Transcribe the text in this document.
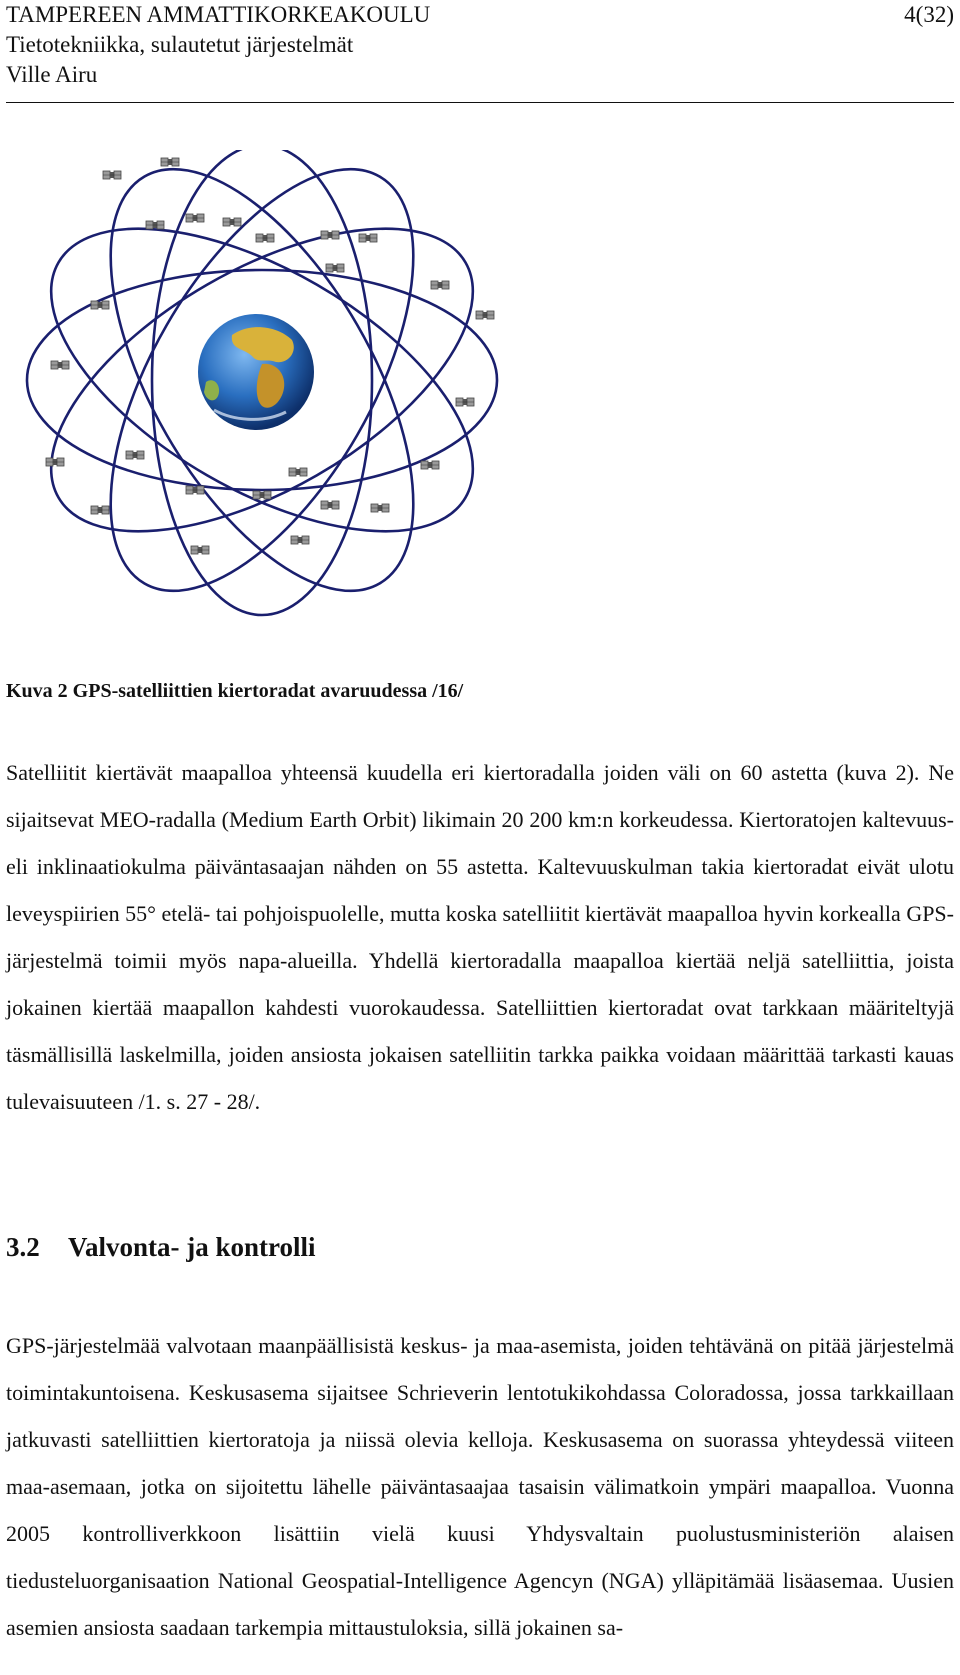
TAMPEREEN AMMATTIKORKEAKOULU
Tietotekniikka, sulautetut järjestelmät
Ville Airu
4(32)
Kuva 2 GPS-satelliittien kiertoradat avaruudessa /16/

Satelliitit kiertävät maapalloa yhteensä kuudella eri kiertoradalla joiden väli on 60 astetta (kuva 2). Ne sijaitsevat MEO-radalla (Medium Earth Orbit) likimain 20 200 km:n korkeudessa. Kiertoratojen kaltevuus- eli inklinaatiokulma päiväntasaajan nähden on 55 astetta. Kaltevuuskulman takia kiertoradat eivät ulotu leveyspiirien 55° etelä- tai pohjoispuolelle, mutta koska satelliitit kiertävät maapalloa hyvin korkealla GPS-järjestelmä toimii myös napa-alueilla. Yhdellä kiertoradalla maapalloa kiertää neljä satelliittia, joista jokainen kiertää maapallon kahdesti vuorokaudessa. Satelliittien kiertoradat ovat tarkkaan määriteltyjä täsmällisillä laskelmilla, joiden ansiosta jokaisen satelliitin tarkka paikka voidaan määrittää tarkasti kauas tulevaisuuteen /1. s. 27 - 28/.

3.2 Valvonta- ja kontrolli

GPS-järjestelmää valvotaan maanpäällisistä keskus- ja maa-asemista, joiden tehtävänä on pitää järjestelmä toimintakuntoisena. Keskusasema sijaitsee Schrieverin lentotukikohdassa Coloradossa, jossa tarkkaillaan jatkuvasti satelliittien kiertoratoja ja niissä olevia kelloja. Keskusasema on suorassa yhteydessä viiteen maa-asemaan, jotka on sijoitettu lähelle päiväntasaajaa tasaisin välimatkoin ympäri maapalloa. Vuonna 2005 kontrolliverkkoon lisättiin vielä kuusi Yhdysvaltain puolustusministeriön alaisen tiedusteluorganisaation National Geospatial-Intelligence Agencyn (NGA) ylläpitämää lisäasemaa. Uusien asemien ansiosta saadaan tarkempia mittaustuloksia, sillä jokainen sa-
